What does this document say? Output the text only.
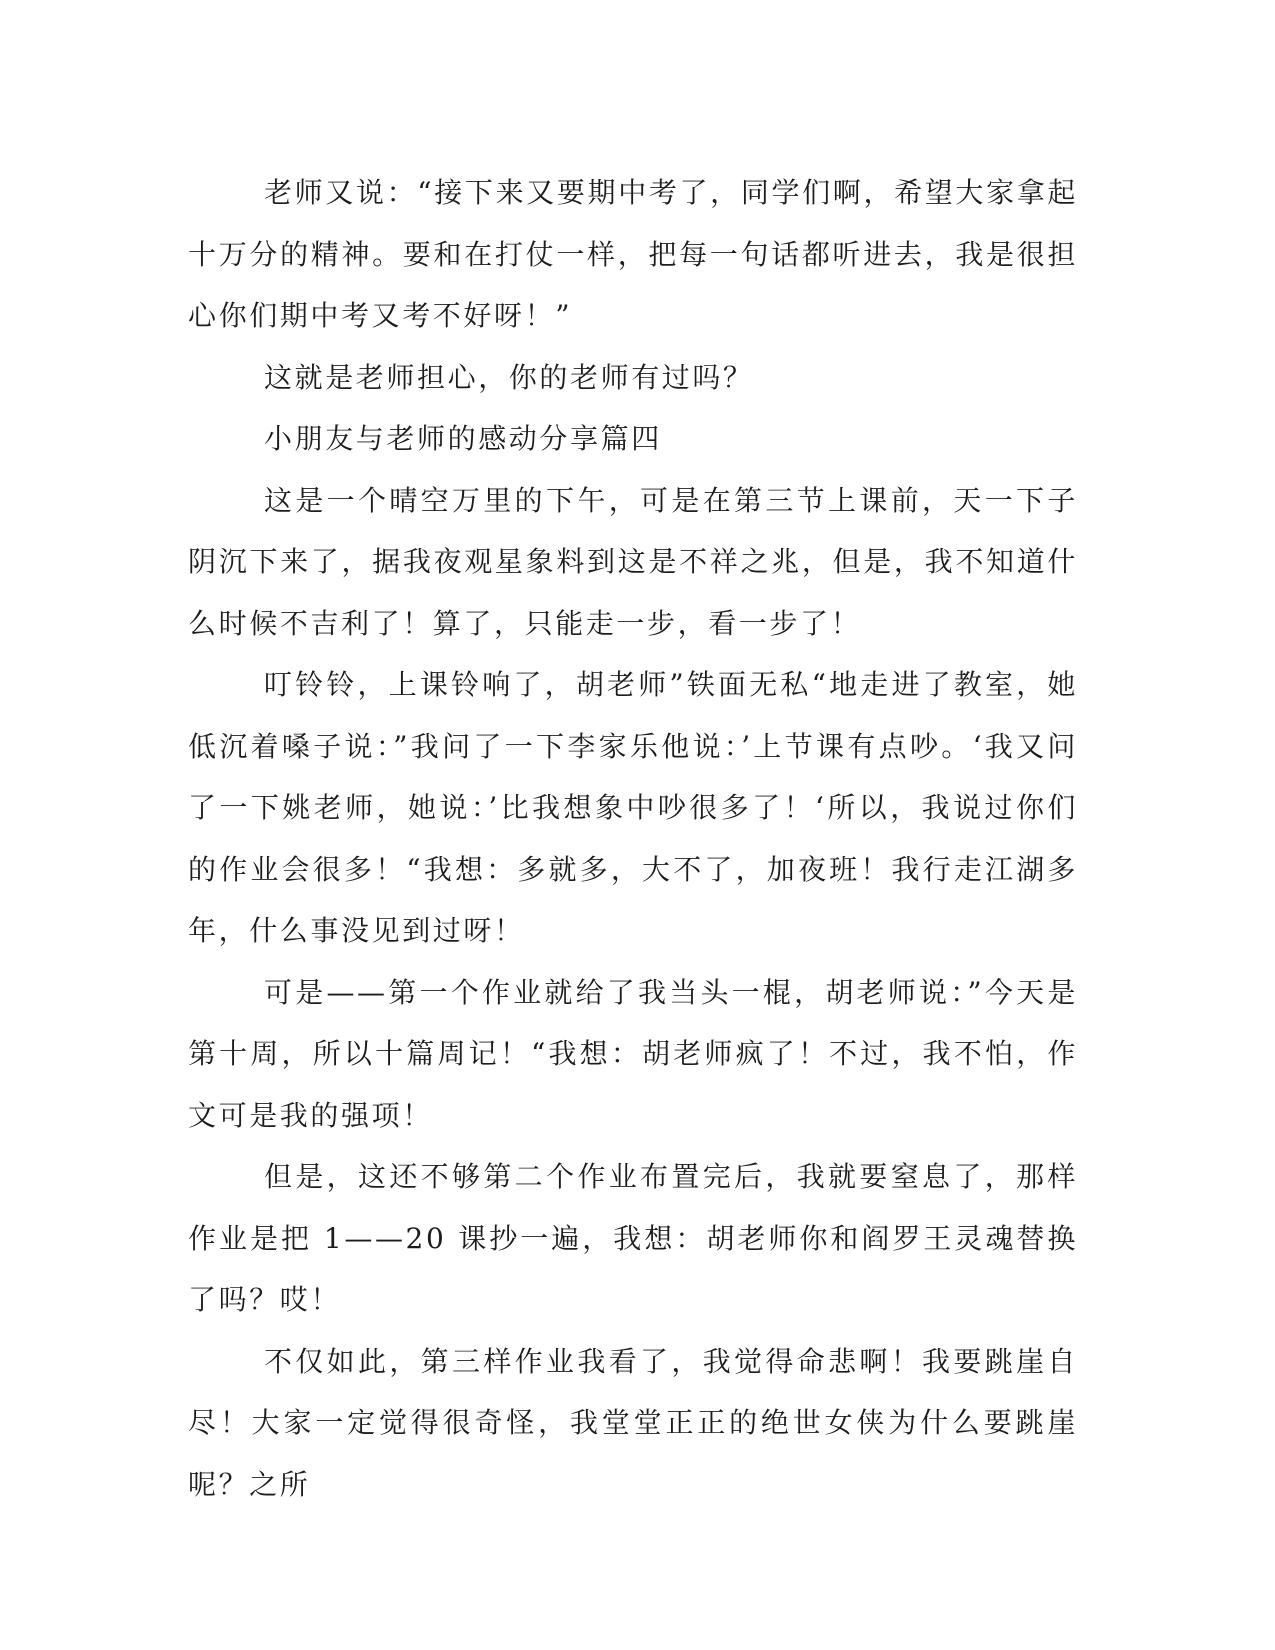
老师又说：“接下来又要期中考了，同学们啊，希望大家拿起十万分的精神。要和在打仗一样，把每一句话都听进去，我是很担心你们期中考又考不好呀！”

这就是老师担心，你的老师有过吗？

小朋友与老师的感动分享篇四

这是一个晴空万里的下午，可是在第三节上课前，天一下子阴沉下来了，据我夜观星象料到这是不祥之兆，但是，我不知道什么时候不吉利了！算了，只能走一步，看一步了！

叮铃铃，上课铃响了，胡老师”铁面无私“地走进了教室，她低沉着嗓子说：”我问了一下李家乐他说：’上节课有点吵。‘我又问了一下姚老师，她说：’比我想象中吵很多了！‘所以，我说过你们的作业会很多！“我想：多就多，大不了，加夜班！我行走江湖多年，什么事没见到过呀！

可是——第一个作业就给了我当头一棍，胡老师说：”今天是第十周，所以十篇周记！“我想：胡老师疯了！不过，我不怕，作文可是我的强项！

但是，这还不够第二个作业布置完后，我就要窒息了，那样作业是把 1——20 课抄一遍，我想：胡老师你和阎罗王灵魂替换了吗？哎！

不仅如此，第三样作业我看了，我觉得命悲啊！我要跳崖自尽！大家一定觉得很奇怪，我堂堂正正的绝世女侠为什么要跳崖呢？之所
